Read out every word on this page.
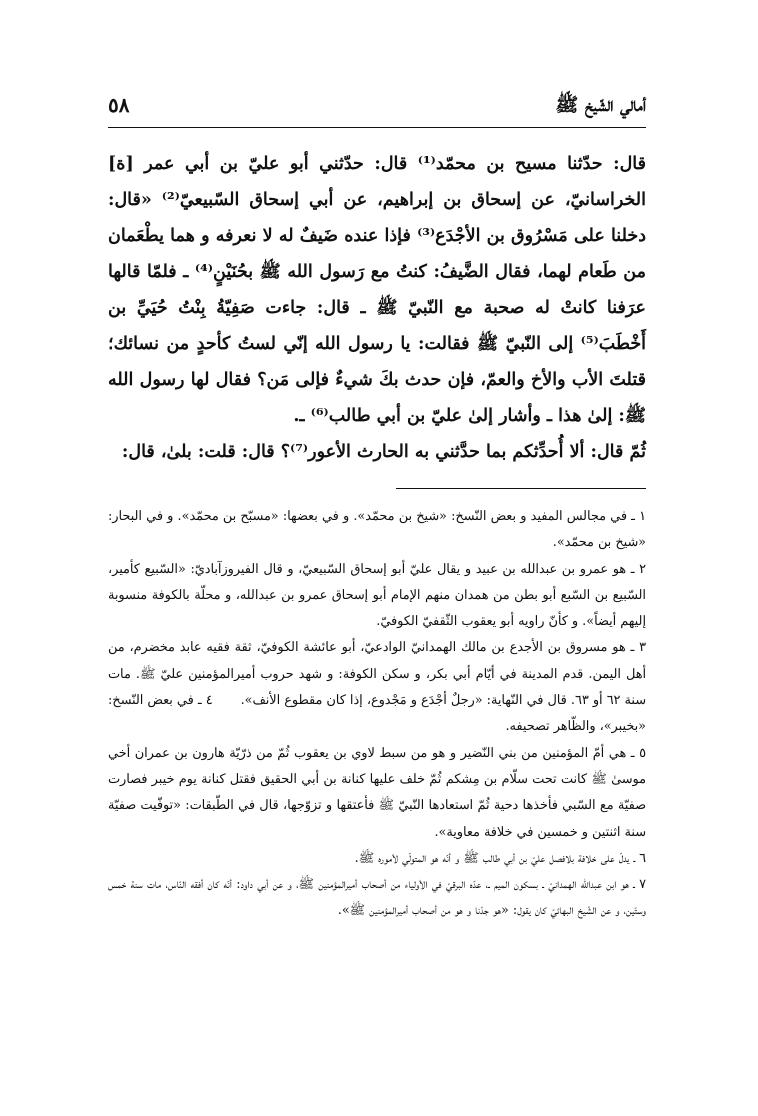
٥٨	أمالي الشّيخ ﷺ

قال: حدّثنا مسيح بن محمّد⁽¹⁾ قال: حدّثني أبو عليّ بن أبي عمر [ة] الخراسانيّ، عن إسحاق بن إبراهيم، عن أبي إسحاق السّبيعيّ⁽²⁾ «قال: دخلنا على مَسْرُوق بن الأجْدَع⁽³⁾ فإذا عنده ضَيفٌ له لا نعرفه و هما يطْعَمان من طَعام لهما، فقال الضَّيفُ: كنتُ مع رَسول الله ﷺ بحُنَيْنٍ⁽⁴⁾ ـ فلمّا قالها عرَفنا كانتْ له صحبة مع النّبيّ ﷺ ـ قال: جاءت صَفِيّةُ بِنْتُ حُيَيِّ بن أَخْطَبَ⁽⁵⁾ إلى النّبيّ ﷺ فقالت: يا رسول الله إنّي لستُ كأحدٍ من نسائك؛ قتلتَ الأب والأخ والعمّ، فإن حدث بكَ شيءٌ فإلى مَن؟ فقال لها رسول الله ﷺ: إلىٰ هذا ـ وأشار إلىٰ عليّ بن أبي طالب⁽⁶⁾ ـ.

ثُمّ قال: ألا أُحدِّثكم بما حدَّثني به الحارث الأعور⁽⁷⁾؟ قال: قلت: بلىٰ، قال:

١ ـ في مجالس المفيد و بعض النّسخ: «شيخ بن محمّد». و في بعضها: «مسبّح بن محمّد». و في البحار: «شيخ بن محمّد».

٢ ـ هو عمرو بن عبدالله بن عبيد و يقال عليّ أبو إسحاق السّبيعيّ، و قال الفيروزآباديّ: «السّبيع كأمير، السّبيع بن السّبع أبو بطن من همدان منهم الإمام أبو إسحاق عمرو بن عبدالله، و محلّة بالكوفة منسوبة إليهم أيضاً». و كأنّ راويه أبو يعقوب الثّقفيّ الكوفيّ.

٣ ـ هو مسروق بن الأجدع بن مالك الهمدانيّ الوادعيّ، أبو عائشة الكوفيّ، ثقة فقيه عابد مخضرم، من أهل اليمن. قدم المدينة في أيّام أبي بكر، و سكن الكوفة: و شهد حروب أميرالمؤمنين عليّ ﷺ. مات سنة ٦٢ أو ٦٣. قال في النّهاية: «رجلٌ أجْدَع و مَجْدوع، إذا كان مقطوع الأنف».٤ ـ في بعض النّسخ: «بخيبر»، والظّاهر تصحيفه.

٥ ـ هي أمّ المؤمنين من بني النّضير و هو من سبط لاوي بن يعقوب ثُمّ من ذرّيّة هارون بن عمران أخي موسىٰ ﷺ كانت تحت سلّام بن مِشكم ثُمّ خلف عليها كنانة بن أبي الحقيق فقتل كنانة يوم خيبر فصارت صفيّة مع السّبي فأخذها دحية ثُمّ استعادها النّبيّ ﷺ فأعتقها و تزوّجها، قال في الطّبقات: «توفّيت صفيّة سنة اثنتين و خمسين في خلافة معاوية».

٦ ـ يدلّ على خلافة بلافصل عليّ بن أبي طالب ﷺ و أنّه هو المتولّي لأموره ﷺ.

٧ ـ هو ابن عبدالله الهمدانيّ ـ بسكون الميم ـ، عدّه البرقيّ في الأولياء من أصحاب أميرالمؤمنين ﷺ، و عن أبي داود: أنّه كان أفقه النّاس، مات سنة خمس وستّين، و عن الشّيخ البهائيّ كان يقول: «هو جدّنا و هو من أصحاب أميرالمؤمنين ﷺ».
